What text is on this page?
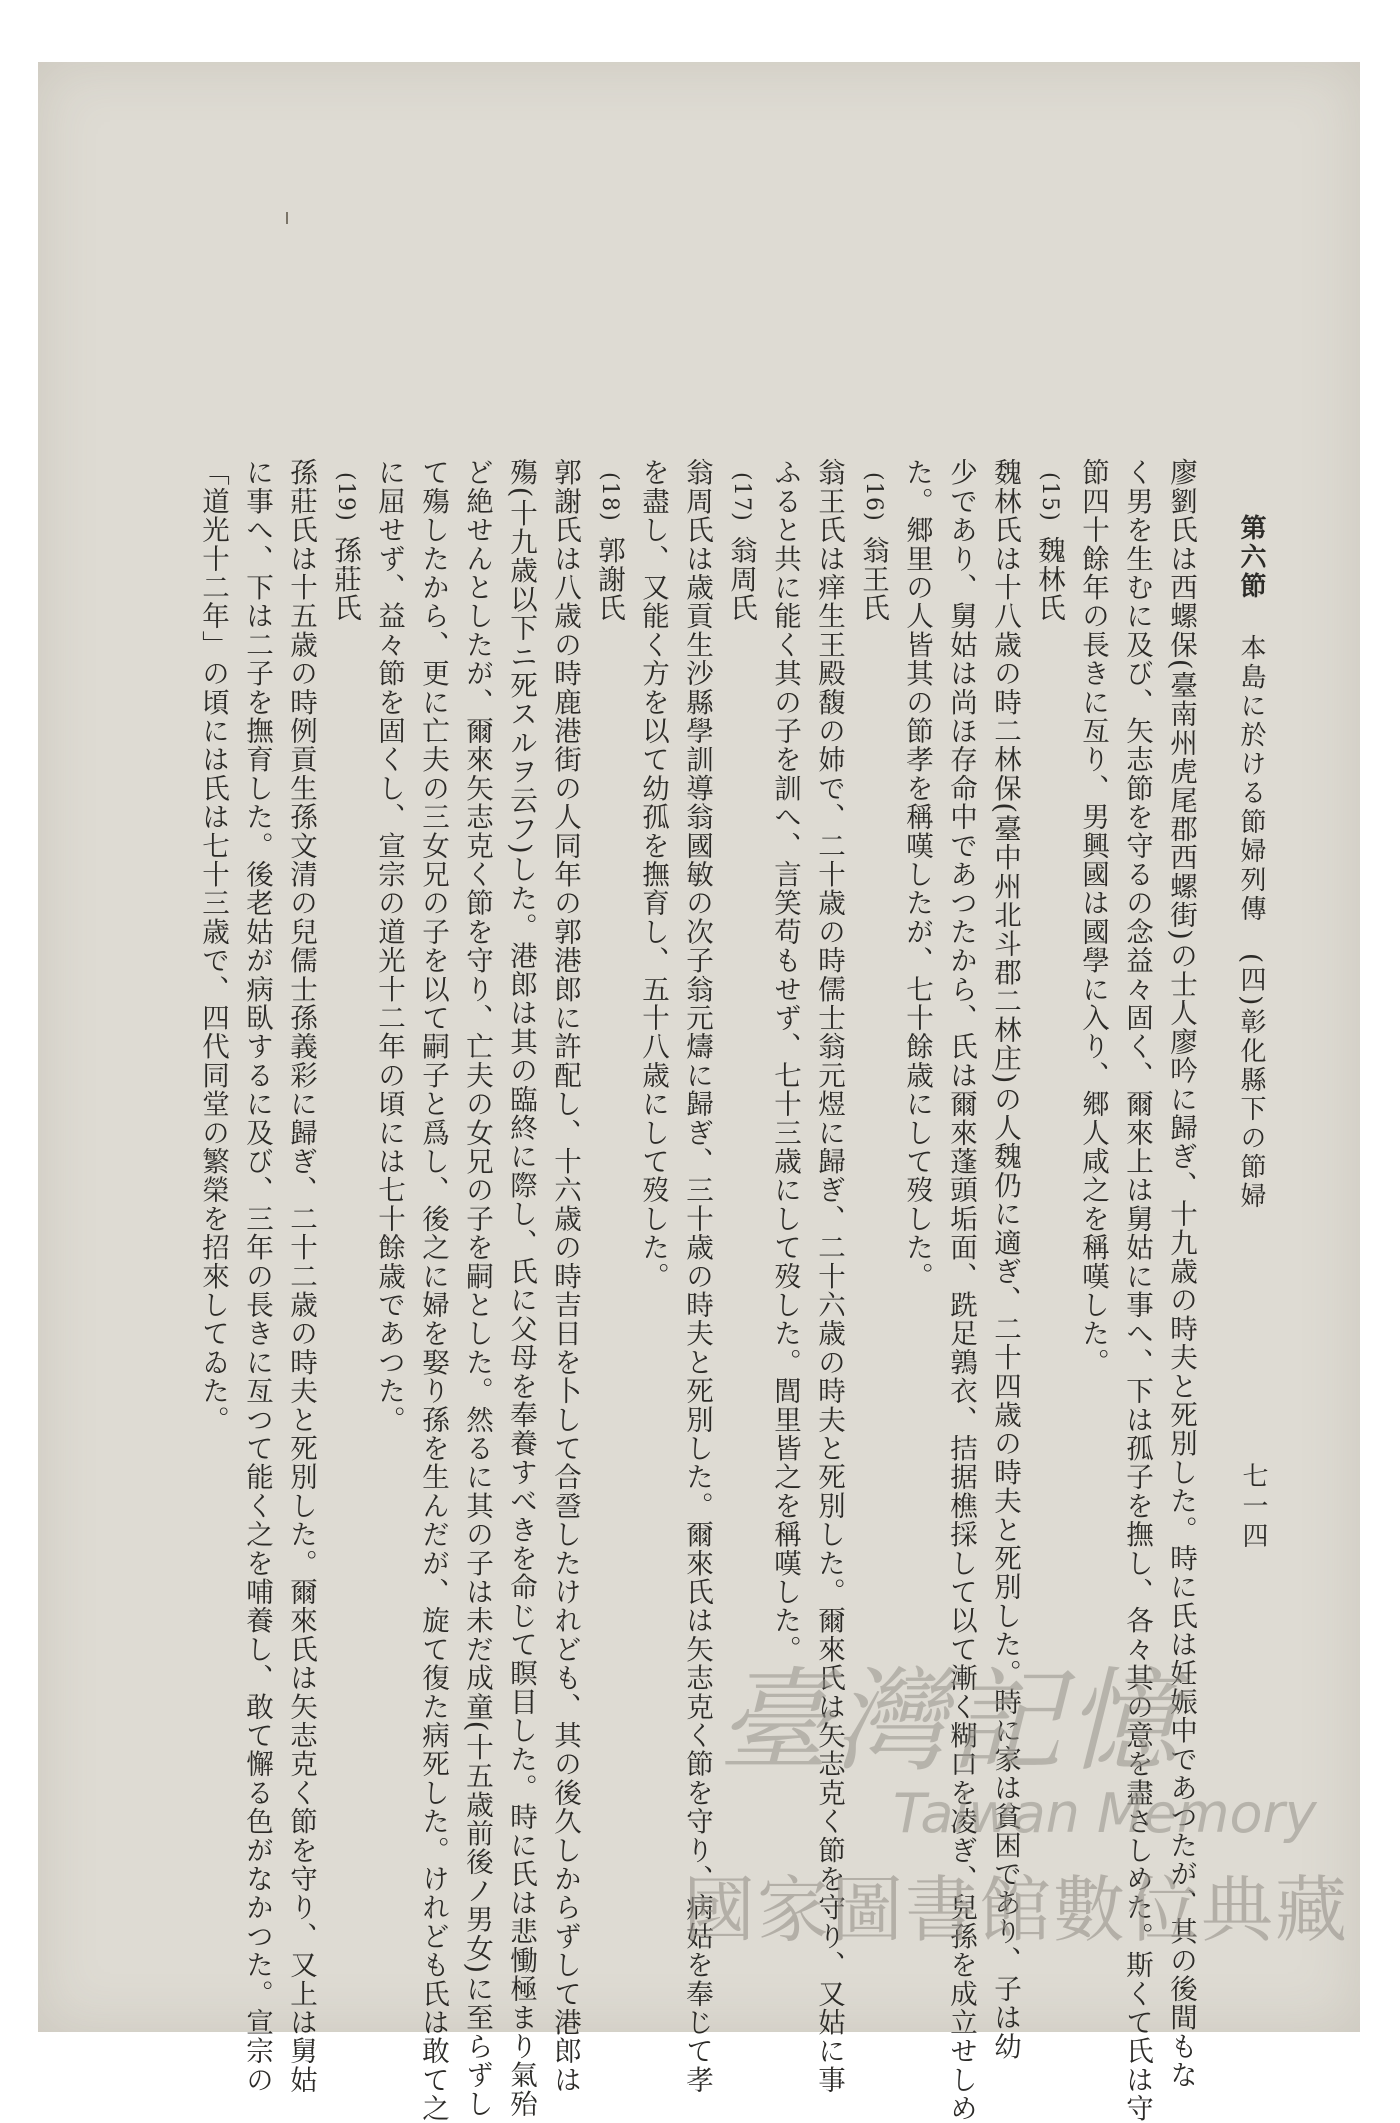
第六節 本島に於ける節婦列傳　(四)彰化縣下の節婦
七一四
廖劉氏は西螺保(臺南州虎尾郡西螺街)の士人廖吟に歸ぎ、十九歳の時夫と死別した。時に氏は妊娠中であつたが、其の後間もな
く男を生むに及び、矢志節を守るの念益々固く、爾來上は舅姑に事へ、下は孤子を撫し、各々其の意を盡さしめた。斯くて氏は守
節四十餘年の長きに亙り、男興國は國學に入り、郷人咸之を稱嘆した。
(15)魏林氏
魏林氏は十八歳の時二林保(臺中州北斗郡二林庄)の人魏仍に適ぎ、二十四歳の時夫と死別した。時に家は貧困であり、子は幼
少であり、舅姑は尚ほ存命中であつたから、氏は爾來蓬頭垢面、跣足鶉衣、拮据樵採して以て漸く糊口を凌ぎ、兒孫を成立せしめ
た。郷里の人皆其の節孝を稱嘆したが、七十餘歳にして歿した。
(16)翁王氏
翁王氏は痒生王殿馥の姉で、二十歳の時儒士翁元煜に歸ぎ、二十六歳の時夫と死別した。爾來氏は矢志克く節を守り、又姑に事
ふると共に能く其の子を訓へ、言笑苟もせず、七十三歳にして歿した。閭里皆之を稱嘆した。
(17)翁周氏
翁周氏は歳貢生沙縣學訓導翁國敏の次子翁元燽に歸ぎ、三十歳の時夫と死別した。爾來氏は矢志克く節を守り、病姑を奉じて孝
を盡し、又能く方を以て幼孤を撫育し、五十八歳にして歿した。
(18)郭謝氏
郭謝氏は八歳の時鹿港街の人同年の郭港郎に許配し、十六歳の時吉日を卜して合巹したけれども、其の後久しからずして港郎は
殤(十九歳以下ニ死スルヲ云フ)した。港郎は其の臨終に際し、氏に父母を奉養すべきを命じて瞑目した。時に氏は悲慟極まり氣殆
ど絶せんとしたが、爾來矢志克く節を守り、亡夫の女兄の子を嗣とした。然るに其の子は未だ成童(十五歳前後ノ男女)に至らずし
て殤したから、更に亡夫の三女兄の子を以て嗣子と爲し、後之に婦を娶り孫を生んだが、旋て復た病死した。けれども氏は敢て之
に屈せず、益々節を固くし、宣宗の道光十二年の頃には七十餘歳であつた。
(19)孫莊氏
孫莊氏は十五歳の時例貢生孫文清の兒儒士孫義彩に歸ぎ、二十二歳の時夫と死別した。爾來氏は矢志克く節を守り、又上は舅姑
に事へ、下は二子を撫育した。後老姑が病臥するに及び、三年の長きに亙つて能く之を哺養し、敢て懈る色がなかつた。宣宗の
「道光十二年」の頃には氏は七十三歳で、四代同堂の繁榮を招來してゐた。
臺灣記憶
Taiwan Memory
國家圖書館數位典藏
